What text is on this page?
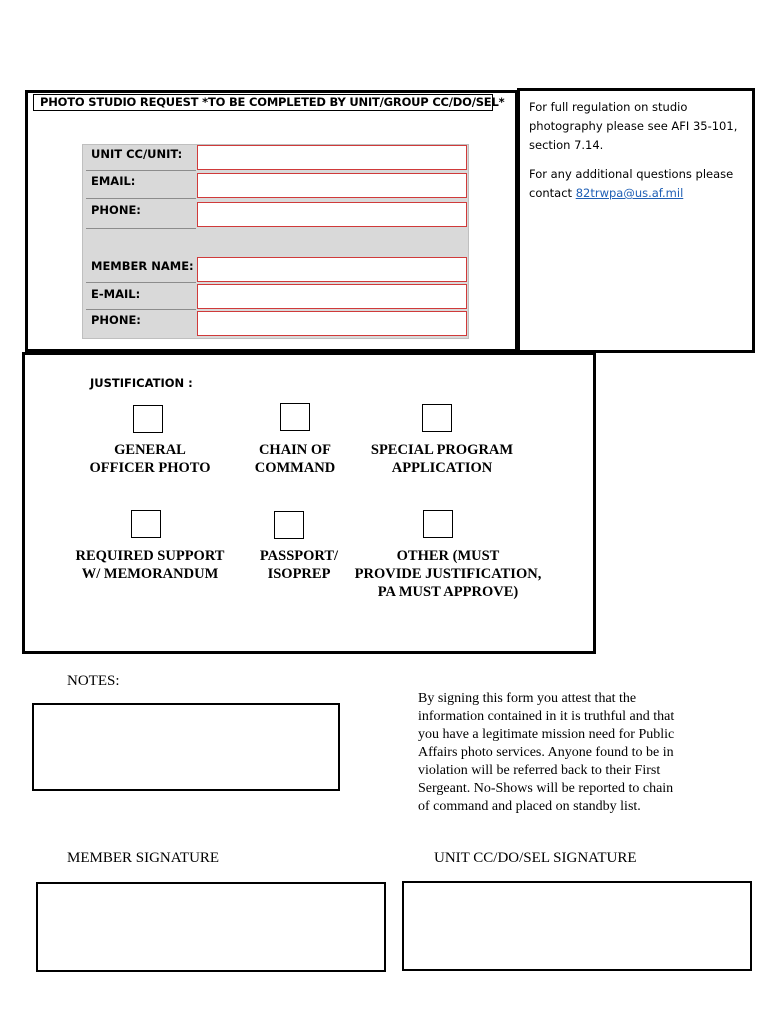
PHOTO STUDIO REQUEST *TO BE COMPLETED BY UNIT/GROUP CC/DO/SEL*
UNIT CC/UNIT:
EMAIL:
PHONE:
MEMBER NAME:
E-MAIL:
PHONE:
For full regulation on studio photography please see AFI 35-101, section 7.14.
For any additional questions please contact 82trwpa@us.af.mil
JUSTIFICATION :
GENERAL
OFFICER PHOTO
CHAIN OF
COMMAND
SPECIAL PROGRAM
APPLICATION
REQUIRED SUPPORT
W/ MEMORANDUM
PASSPORT/
ISOPREP
OTHER (MUST
PROVIDE JUSTIFICATION,
PA MUST APPROVE)
NOTES:
By signing this form you attest that the information contained in it is truthful and that you have a legitimate mission need for Public Affairs photo services. Anyone found to be in violation will be referred back to their First Sergeant. No-Shows will be reported to chain of command and placed on standby list.
MEMBER SIGNATURE	UNIT CC/DO/SEL SIGNATURE
